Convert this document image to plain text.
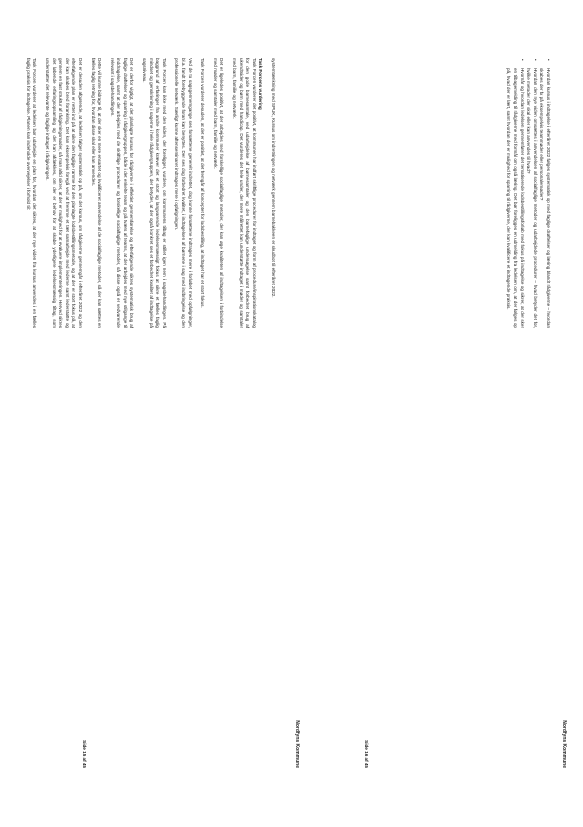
Nordfyns Kommune

systemtænkning med SPUK, Kursus om indretningen og netværk gennem barnebakkeen er skudbot til efteråret 2022.

Task Forcens vurdering
Task Forcen vurderer det positivt, at kommunen har indført skriftlige procedurer for indtaget og form af procedure/inspirationskatalog for den gode barnesamtale, ved udarbejdelse af børnesamtaler og den barnefaglige undersøgelse samt forbedret brug af ukendtsider og børn med handicap. Det vurderes det hele under, der mere målrettet kan understøtte indtaget i møder og samtaler med barn, familie og netværk.

Det er ligeledes positivt, at der arbejdes med forskellige socialfaglige metoder, der kan øge kvaliteten af indtagelsen i forbindelse med møder og samtaler med barn, familie og netværk.

Task Forcen vurderer desuden, at det er positivt, at det fremgår af konceptet for lodsbestilling, at indtaget har et stort fokus.

Ved de to sagsgennemgange ses forsættene generelt indrettet, dog kunne forsættene indtrages mere i forløbet med opfølgninger, bl.a. fandt forebyggende foran kan benyttes. Der ses dog forbedret kvalitet, i indtagelsen af børnene i sag med indbringelse og den professionelle netværk. Særligt kunne aftenseminaret indtrages mere i opfølgningen.

Task Forcen kan ikke med den viden, der foreligger, vurdere, om kommunens tilbag er stillet igen nem i sagsbehandlingen. På baggrund af erfaringer fra andre kommuner kræver det et stort og langvarende ledelsesmæssigt fokus at sikre et fælles faglig mindset og genskrivning i sagerne i hele rådgivergruppen, der betyder, at der også konkret ses et forbedret kvalitet af indtagelse på sagsniveau.

Det er derfor vigtigt, at det planlagte kursus for rådgiverne i effektivt gennemførelse og efterfølgende sikres systematisk brug af faglige drøftelser og sparring i rådgivergruppen, både i det enkelte team og på tværs af teams, at der arbejdes med nye stilgange til inddragelse, samt at der arbejdes med de skriftlige procedurer og forskellige socialfaglige metoder, så disse også er vedvarende relevant i sagsbehandlingen.

Dette vil kunne bidrage til, at der sker en mere ensartet og kvalificeret anvendelse af de socialfaglige metoder, så der kan sættes en fælles faglig retning for, hvordan disse skal eller kan anvendes.

Det er desuden afgørende, at ledelsen følger systematisk op på, om det kursus, om rådgiverne gennemgår i efteråret 2022 og den efterfølgende plan er rettet ind på at sikre den faglige ramme for den planlagte lodsbestillingsmetode, og at der er stort fokus på, at der kan skabes bred forankring. Det kan eksempelvis foregå ved at fremme et tæt samarbejde med lederne samt lederstøtte og gennem en fast struktur af rådgivningsmøder, så man altid sikrer, at der er mulighed for at evaluere implementeringen. Herved sikres det løbende erfaringsopsamling og det kan afdækkes, om der er behov for at skabe yderligere ledelsesmæssig tiltag, som understøtter det relevante og faglige indtaget i rådgivningen.

Task Forcen vurderer at ledelsen bør udarbejde en plan for, hvordan det sikres, at der nye viden fra kursus anvendes i en fælles faglig praksis for indtagelse. Planen kan indeholde overvejelser i forhold til:

Side 15 af 45	Nordfyns Kommune
• Hvordan kursus i indtagelse i efteråret 2022 følges systematisk op med faglige drøftelser og læring blandt rådgiverne – hvordan skabes der fx på eksempelvis teammøder eller personalemøder?
• Hvordan den nye viden omsættes i anvendelsen af socialfaglige metoder og udarbejdede procedurer – hvad betyder det for, hvilke metoder der skal eller kan anvendes til hvad?
• Hvornår og hvordan ledelsen gennemfører det tematiserede lodsbestillingsforløb med fokus på indtagelse og sikrer, at der sker en tilbagemelding til rådgiverne med formål om også læring. Det bør foreligges en udmelding fra ledelsen om, at der følges op på, hvad der er lært, samt hvordan der er mulighed for sparring til rådgiverne, der kan kvalificere et indtagende praksis.
Side 16 af 45
